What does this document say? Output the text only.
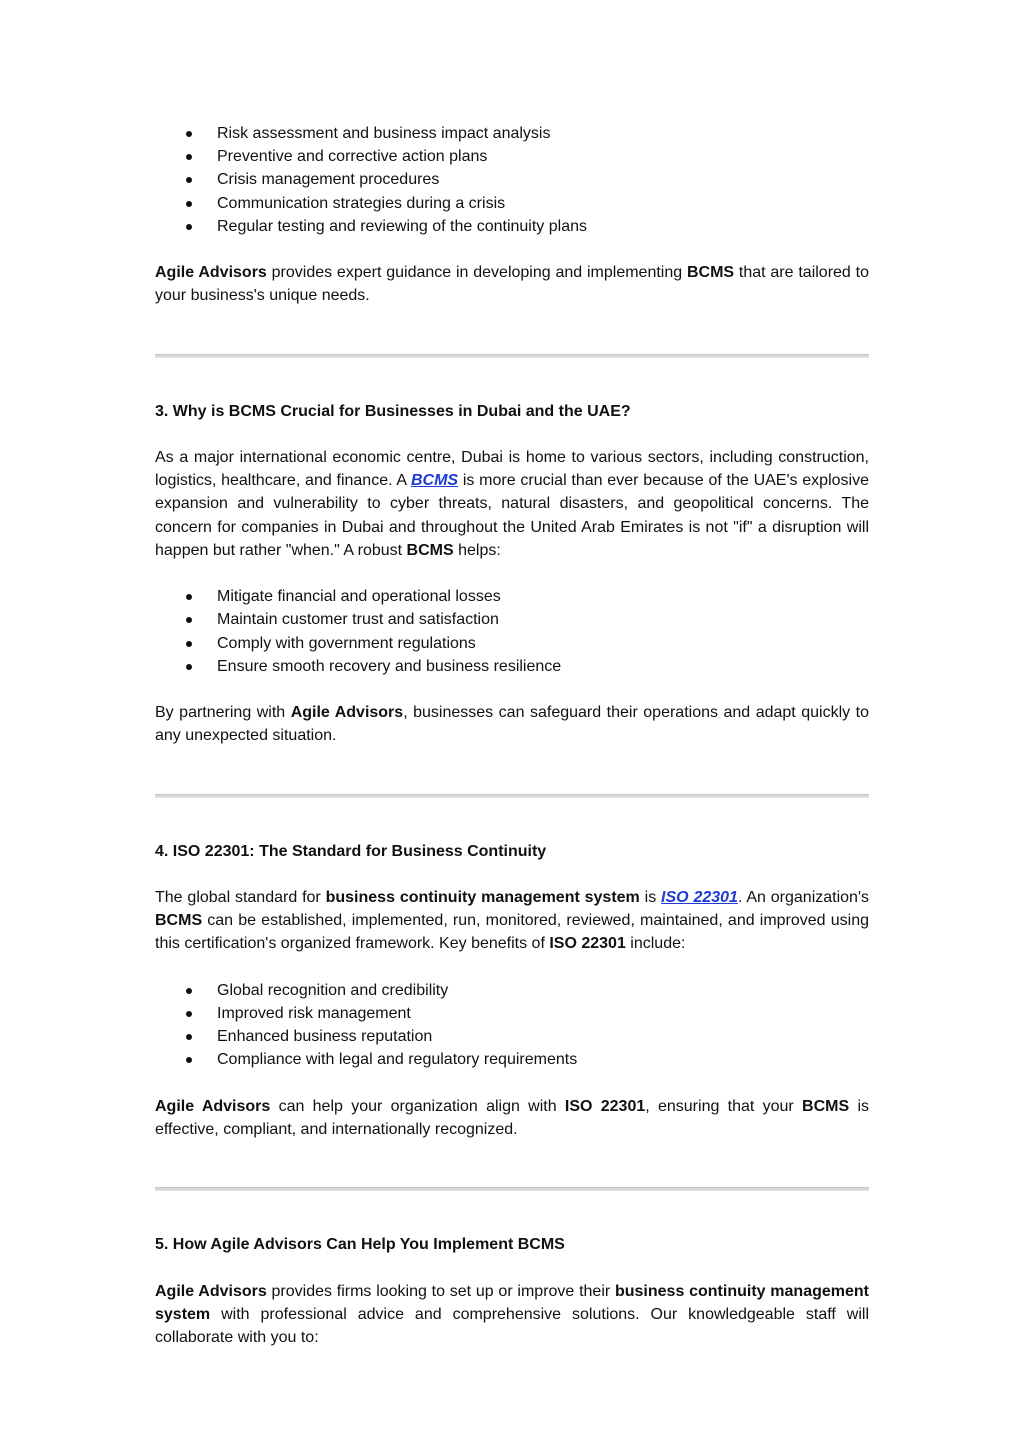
Risk assessment and business impact analysis
Preventive and corrective action plans
Crisis management procedures
Communication strategies during a crisis
Regular testing and reviewing of the continuity plans

Agile Advisors provides expert guidance in developing and implementing BCMS that are tailored to your business's unique needs.

3. Why is BCMS Crucial for Businesses in Dubai and the UAE?

As a major international economic centre, Dubai is home to various sectors, including construction, logistics, healthcare, and finance. A BCMS is more crucial than ever because of the UAE's explosive expansion and vulnerability to cyber threats, natural disasters, and geopolitical concerns. The concern for companies in Dubai and throughout the United Arab Emirates is not "if" a disruption will happen but rather "when." A robust BCMS helps:

Mitigate financial and operational losses
Maintain customer trust and satisfaction
Comply with government regulations
Ensure smooth recovery and business resilience

By partnering with Agile Advisors, businesses can safeguard their operations and adapt quickly to any unexpected situation.

4. ISO 22301: The Standard for Business Continuity

The global standard for business continuity management system is ISO 22301. An organization's BCMS can be established, implemented, run, monitored, reviewed, maintained, and improved using this certification's organized framework. Key benefits of ISO 22301 include:

Global recognition and credibility
Improved risk management
Enhanced business reputation
Compliance with legal and regulatory requirements

Agile Advisors can help your organization align with ISO 22301, ensuring that your BCMS is effective, compliant, and internationally recognized.

5. How Agile Advisors Can Help You Implement BCMS

Agile Advisors provides firms looking to set up or improve their business continuity management system with professional advice and comprehensive solutions. Our knowledgeable staff will collaborate with you to:
